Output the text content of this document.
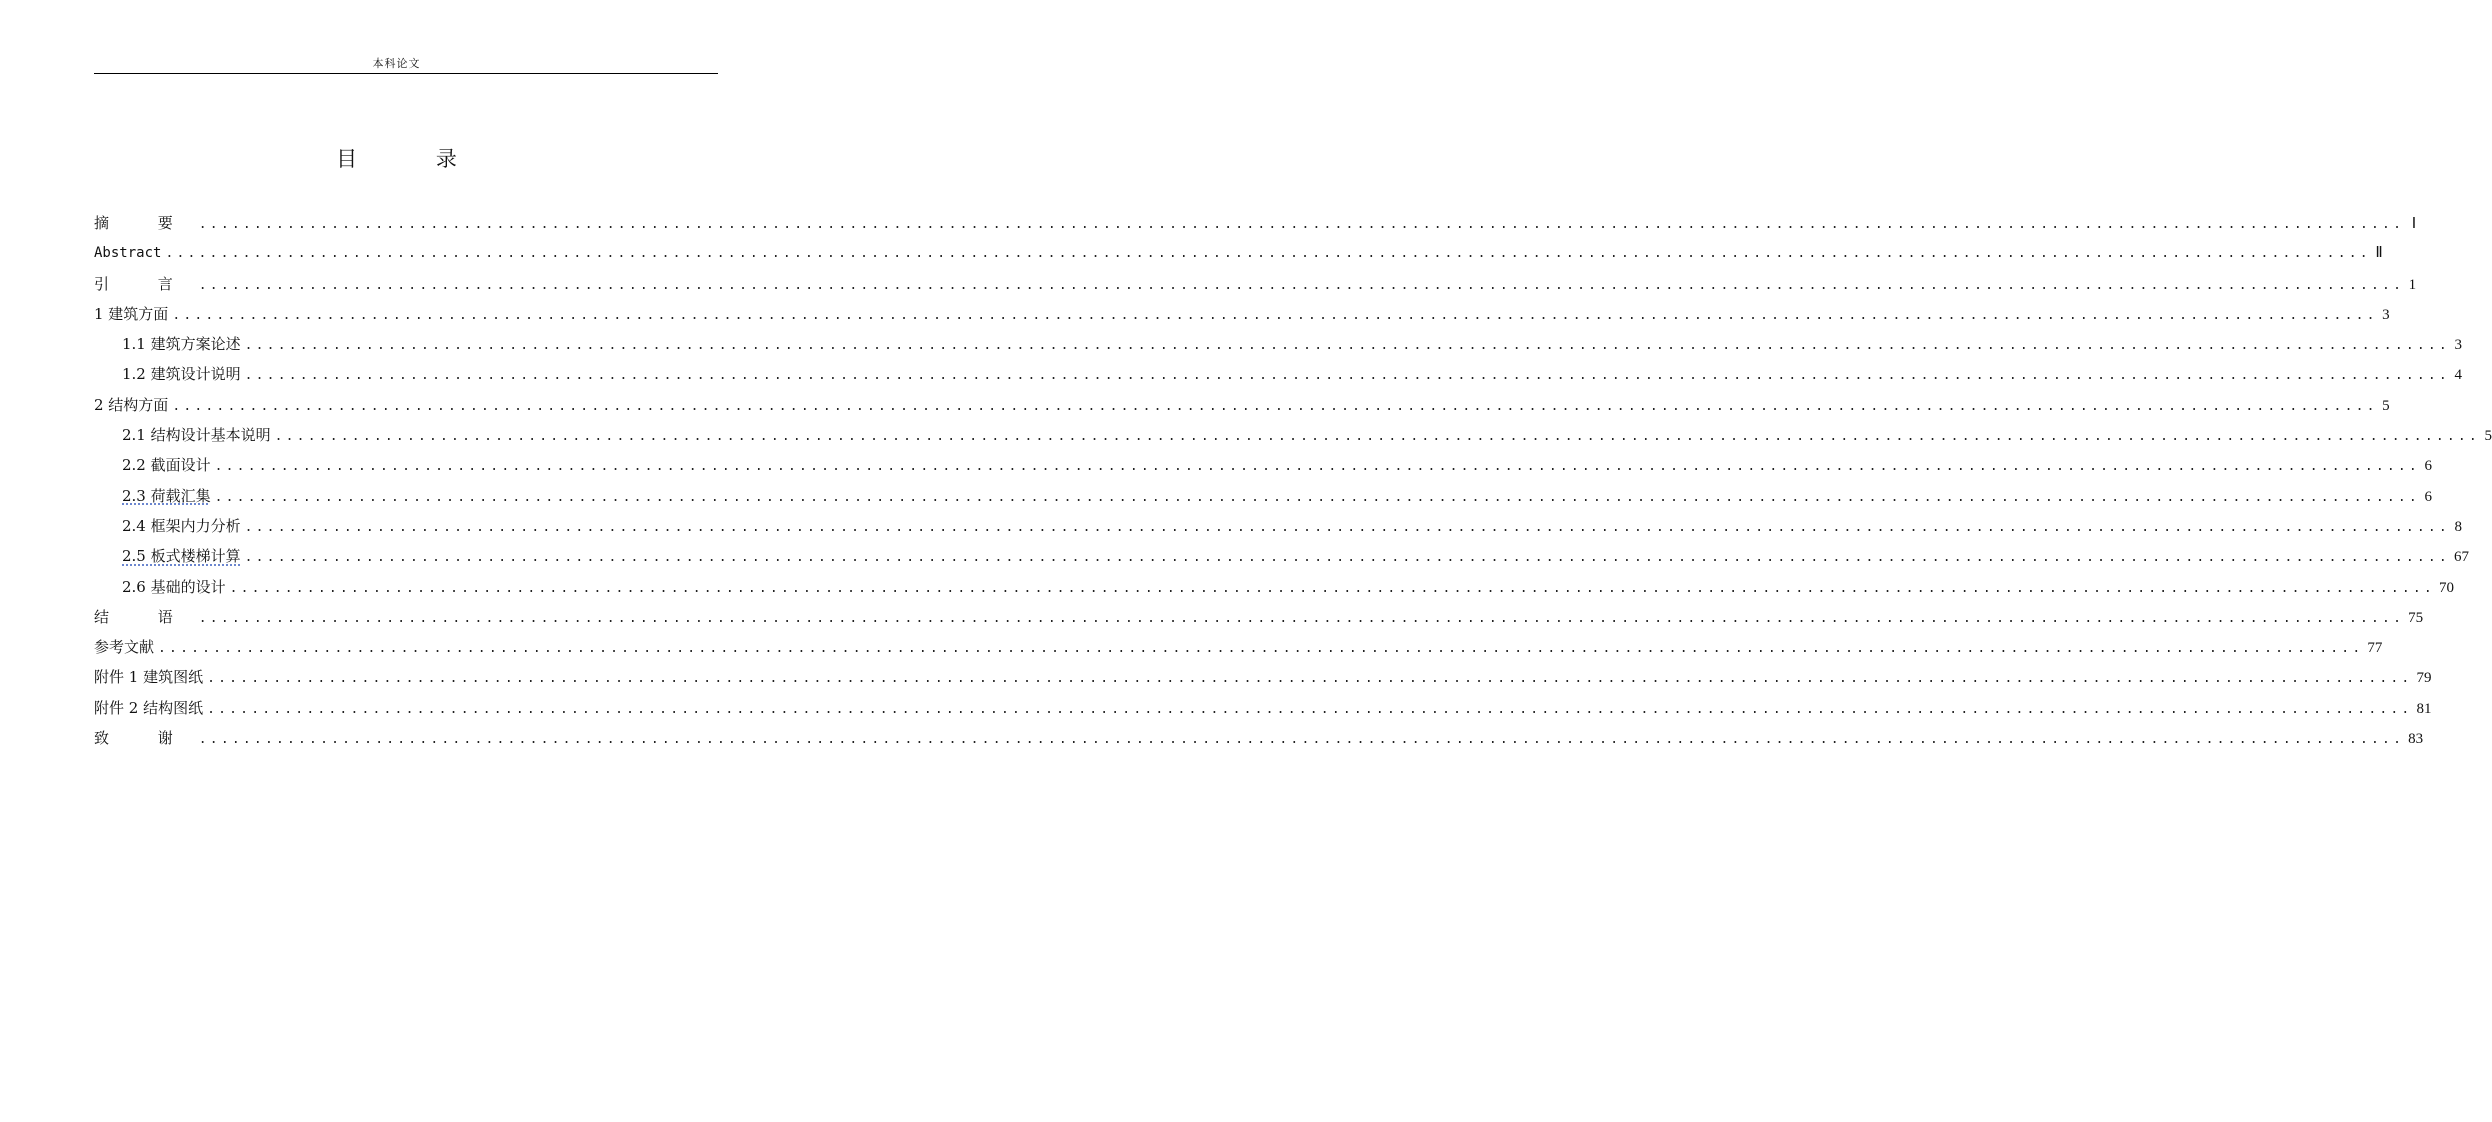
本科论文
目 录
摘 要 ........................................................................................................................................................................................................ Ⅰ
Abstract ........................................................................................................................................................................................................ Ⅱ
引 言 ........................................................................................................................................................................................................ 1
1 建筑方面 ........................................................................................................................................................................................................ 3
1.1 建筑方案论述 ........................................................................................................................................................................................................ 3
1.2 建筑设计说明 ........................................................................................................................................................................................................ 4
2 结构方面 ........................................................................................................................................................................................................ 5
2.1 结构设计基本说明 ........................................................................................................................................................................................................ 5
2.2 截面设计 ........................................................................................................................................................................................................ 6
2.3 荷载汇集 ........................................................................................................................................................................................................ 6
2.4 框架内力分析 ........................................................................................................................................................................................................ 8
2.5 板式楼梯计算 ........................................................................................................................................................................................................ 67
2.6 基础的设计 ........................................................................................................................................................................................................ 70
结 语 ........................................................................................................................................................................................................ 75
参考文献 ........................................................................................................................................................................................................ 77
附件 1 建筑图纸 ........................................................................................................................................................................................................ 79
附件 2 结构图纸 ........................................................................................................................................................................................................ 81
致 谢 ........................................................................................................................................................................................................ 83
